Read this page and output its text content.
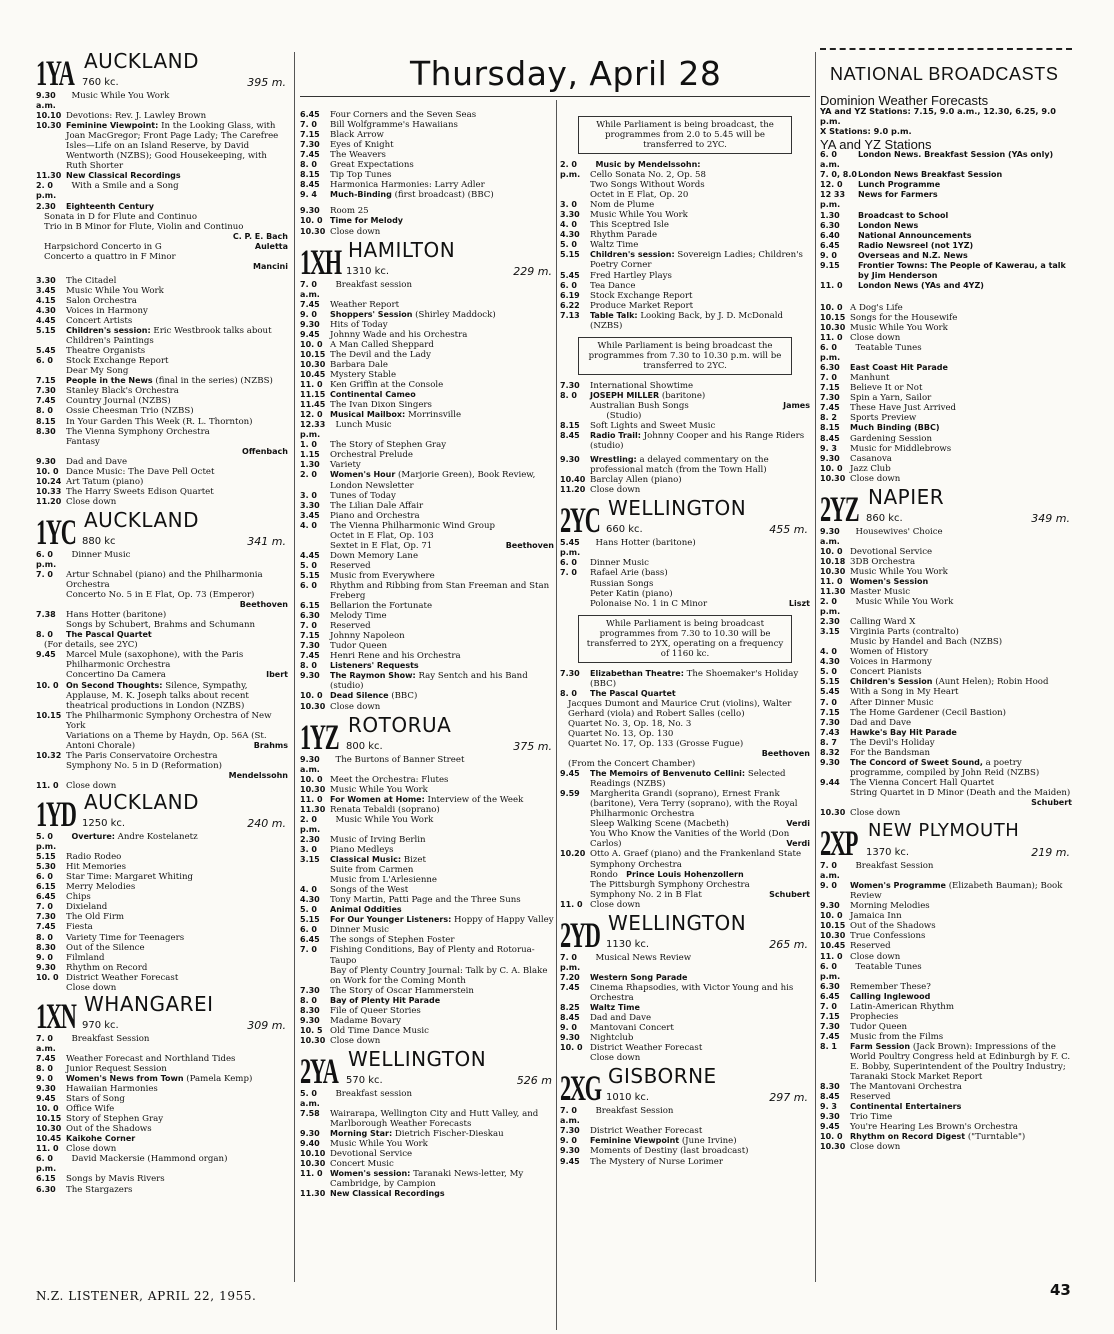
Thursday, April 28	NATIONAL BROADCASTS
1YA AUCKLAND
760 kc.	395 m.
9.30 a.m.
Music While You Work
10.10 Devotions: Rev. J. Lawley Brown
10.30 Feminine Viewpoint: In the Looking Glass, with Joan MacGregor; Front Page Lady; The Carefree Isles—Life on an Island Reserve, by David Wentworth (NZBS); Good Housekeeping, with Ruth Shorter
11.30 New Classical Recordings
2. 0 p.m.
With a Smile and a Song
2.30	Eighteenth Century
Sonata in D for Flute and Continuo
Trio in B Minor for Flute, Violin and Continuo
C. P. E. Bach
Harpsichord Concerto in G	Auletta

Concerto a quattro in F Minor
Mancini
3.30	The Citadel
3.45	Music While You Work
4.15	Salon Orchestra
4.30	Voices in Harmony
4.45	Concert Artists
5.15	Children's session: Eric Westbrook talks about Children's Paintings
5.45	Theatre Organists
6. 0	Stock Exchange Report
Dear My Song
7.15	People in the News (final in the series) (NZBS)
7.30	Stanley Black's Orchestra
7.45	Country Journal (NZBS)
8. 0	Ossie Cheesman Trio (NZBS)
8.15	In Your Garden This Week (R. L. Thornton)
8.30	The Vienna Symphony Orchestra
Fantasy
Offenbach
9.30	Dad and Dave
10. 0 Dance Music: The Dave Pell Octet
10.24 Art Tatum (piano)
10.33 The Harry Sweets Edison Quartet
11.20 Close down
1YC AUCKLAND
880 kc	341 m.
6. 0 p.m.
Dinner Music
7. 0	Artur Schnabel (piano) and the Philharmonia Orchestra
Concerto No. 5 in E Flat, Op. 73 (Emperor)
Beethoven
7.38	Hans Hotter (baritone)
Songs by Schubert, Brahms and Schumann
8. 0	The Pascal Quartet
(For details, see 2YC)
9.45	Marcel Mule (saxophone), with the Paris Philharmonic Orchestra
Concertino Da Camera	Ibert
10. 0 On Second Thoughts: Silence, Sympathy, Applause, M. K. Joseph talks about recent theatrical productions in London (NZBS)
10.15 The Philharmonic Symphony Orchestra of New York
Variations on a Theme by Haydn, Op. 56A (St. Antoni Chorale)	Brahms
10.32 The Paris Conservatoire Orchestra
Symphony No. 5 in D (Reformation)
Mendelssohn
11. 0 Close down
1YD AUCKLAND
1250 kc.	240 m.
5. 0 p.m.
Overture: Andre Kostelanetz
5.15	Radio Rodeo
5.30	Hit Memories
6. 0	Star Time: Margaret Whiting
6.15	Merry Melodies
6.45	Chips
7. 0	Dixieland
7.30	The Old Firm
7.45	Fiesta
8. 0	Variety Time for Teenagers
8.30	Out of the Silence
9. 0	Filmland
9.30	Rhythm on Record
10. 0 District Weather Forecast
Close down
1XN WHANGAREI
970 kc.	309 m.
7. 0 a.m.
Breakfast Session
7.45	Weather Forecast and Northland Tides
8. 0	Junior Request Session
9. 0	Women's News from Town (Pamela Kemp)
9.30	Hawaiian Harmonies
9.45	Stars of Song
10. 0 Office Wife
10.15 Story of Stephen Gray
10.30 Out of the Shadows
10.45 Kaikohe Corner
11. 0 Close down
6. 0 p.m.
David Mackersie (Hammond organ)
6.15	Songs by Mavis Rivers
6.30	The Stargazers
6.45	Four Corners and the Seven Seas
7. 0	Bill Wolfgramme's Hawaiians
7.15	Black Arrow
7.30	Eyes of Knight
7.45	The Weavers
8. 0	Great Expectations
8.15	Tip Top Tunes
8.45	Harmonica Harmonies: Larry Adler
9. 4	Much-Binding (first broadcast) (BBC)
9.30	Room 25
10. 0 Time for Melody
10.30 Close down
1XH HAMILTON
1310 kc.	229 m.
7. 0 a.m.
Breakfast session
7.45	Weather Report
9. 0	Shoppers' Session (Shirley Maddock)
9.30	Hits of Today
9.45	Johnny Wade and his Orchestra
10. 0 A Man Called Sheppard
10.15 The Devil and the Lady
10.30 Barbara Dale
10.45 Mystery Stable
11. 0 Ken Griffin at the Console
11.15 Continental Cameo
11.45 The Ivan Dixon Singers
12. 0 Musical Mailbox: Morrinsville
12.33 p.m.
Lunch Music
1. 0	The Story of Stephen Gray
1.15	Orchestral Prelude
1.30	Variety
2. 0	Women's Hour (Marjorie Green), Book Review, London Newsletter
3. 0	Tunes of Today
3.30	The Lilian Dale Affair
3.45	Piano and Orchestra
4. 0	The Vienna Philharmonic Wind Group
Octet in E Flat, Op. 103
Sextet in E Flat, Op. 71	Beethoven
4.45	Down Memory Lane
5. 0	Reserved
5.15	Music from Everywhere
6. 0	Rhythm and Ribbing from Stan Freeman and Stan Freberg
6.15	Bellarion the Fortunate
6.30	Melody Time
7. 0	Reserved
7.15	Johnny Napoleon
7.30	Tudor Queen
7.45	Henri Rene and his Orchestra
8. 0	Listeners' Requests
9.30	The Raymon Show: Ray Sentch and his Band (studio)
10. 0 Dead Silence (BBC)
10.30 Close down
1YZ ROTORUA
800 kc.	375 m.
9.30 a.m.
The Burtons of Banner Street
10. 0 Meet the Orchestra: Flutes
10.30 Music While You Work
11. 0 For Women at Home: Interview of the Week
11.30 Renata Tebaldi (soprano)
2. 0 p.m.
Music While You Work
2.30	Music of Irving Berlin
3. 0	Piano Medleys
3.15	Classical Music: Bizet
Suite from Carmen
Music from L'Arlesienne
4. 0	Songs of the West
4.30	Tony Martin, Patti Page and the Three Suns
5. 0	Animal Oddities
5.15	For Our Younger Listeners: Hoppy of Happy Valley
6. 0	Dinner Music
6.45	The songs of Stephen Foster
7. 0	Fishing Conditions, Bay of Plenty and Rotorua-Taupo
Bay of Plenty Country Journal: Talk by C. A. Blake on Work for the Coming Month
7.30	The Story of Oscar Hammerstein
8. 0	Bay of Plenty Hit Parade
8.30	File of Queer Stories
9.30	Madame Bovary
10. 5 Old Time Dance Music
10.30 Close down
2YA WELLINGTON
570 kc.	526 m
5. 0 a.m.
Breakfast session
7.58	Wairarapa, Wellington City and Hutt Valley, and Marlborough Weather Forecasts
9.30	Morning Star: Dietrich Fischer-Dieskau
9.40	Music While You Work
10.10 Devotional Service
10.30 Concert Music
11. 0 Women's session: Taranaki News-letter, My Cambridge, by Campion
11.30 New Classical Recordings
While Parliament is being broadcast, the programmes from 2.0 to 5.45 will be transferred to 2YC.
2. 0 p.m.
Music by Mendelssohn:
Cello Sonata No. 2, Op. 58
Two Songs Without Words
Octet in E Flat, Op. 20
3. 0	Nom de Plume
3.30	Music While You Work
4. 0	This Sceptred Isle
4.30	Rhythm Parade
5. 0	Waltz Time
5.15	Children's session: Sovereign Ladies; Children's Poetry Corner
5.45	Fred Hartley Plays
6. 0	Tea Dance
6.19	Stock Exchange Report
6.22	Produce Market Report
7.13	Table Talk: Looking Back, by J. D. McDonald (NZBS)
While Parliament is being broadcast the programmes from 7.30 to 10.30 p.m. will be transferred to 2YC.
7.30	International Showtime
8. 0	JOSEPH MILLER (baritone)
Australian Bush Songs	James

(Studio)
8.15	Soft Lights and Sweet Music
8.45	Radio Trail: Johnny Cooper and his Range Riders (studio)
9.30	Wrestling: a delayed commentary on the professional match (from the Town Hall)
10.40 Barclay Allen (piano)
11.20 Close down
2YC WELLINGTON
660 kc.	455 m.
5.45 p.m.
Hans Hotter (baritone)
6. 0	Dinner Music
7. 0	Rafael Arie (bass)
Russian Songs
Peter Katin (piano)
Polonaise No. 1 in C Minor	Liszt
While Parliament is being broadcast programmes from 7.30 to 10.30 will be transferred to 2YX, operating on a frequency of 1160 kc.
7.30	Elizabethan Theatre: The Shoemaker's Holiday (BBC)
8. 0	The Pascal Quartet
Jacques Dumont and Maurice Crut (violins), Walter Gerhard (viola) and Robert Salles (cello)
Quartet No. 3, Op. 18, No. 3
Quartet No. 13, Op. 130
Quartet No. 17, Op. 133 (Grosse Fugue)
Beethoven
(From the Concert Chamber)
9.45	The Memoirs of Benvenuto Cellini: Selected Readings (NZBS)
9.59	Margherita Grandi (soprano), Ernest Frank (baritone), Vera Terry (soprano), with the Royal Philharmonic Orchestra
Sleep Walking Scene (Macbeth)	Verdi

You Who Know the Vanities of the World (Don Carlos)	Verdi
10.20 Otto A. Graef (piano) and the Frankenland State Symphony Orchestra
Rondo   Prince Louis Hohenzollern
The Pittsburgh Symphony Orchestra
Symphony No. 2 in B Flat	Schubert
11. 0 Close down
2YD WELLINGTON
1130 kc.	265 m.
7. 0 p.m.
Musical News Review
7.20	Western Song Parade
7.45	Cinema Rhapsodies, with Victor Young and his Orchestra
8.25	Waltz Time
8.45	Dad and Dave
9. 0	Mantovani Concert
9.30	Nightclub
10. 0 District Weather Forecast
Close down
2XG GISBORNE
1010 kc.	297 m.
7. 0 a.m.
Breakfast Session
7.30	District Weather Forecast
9. 0	Feminine Viewpoint (June Irvine)
9.30	Moments of Destiny (last broadcast)
9.45	The Mystery of Nurse Lorimer

Dominion Weather Forecasts

YA and YZ Stations: 7.15, 9.0 a.m., 12.30, 6.25, 9.0 p.m.

X Stations: 9.0 p.m.

YA and YZ Stations

6. 0 a.m.
London News. Breakfast Session (YAs only)
7. 0, 8.0 London News Breakfast Session
12. 0	Lunch Programme
12 33 p.m.
News for Farmers
1.30	Broadcast to School
6.30	London News
6.40	National Announcements
6.45	Radio Newsreel (not 1YZ)
9. 0	Overseas and N.Z. News
9.15	Frontier Towns: The People of Kawerau, a talk by Jim Henderson
11. 0	London News (YAs and 4YZ)
10. 0 A Dog's Life
10.15 Songs for the Housewife
10.30 Music While You Work
11. 0 Close down
6. 0 p.m.
Teatable Tunes
6.30	East Coast Hit Parade
7. 0	Manhunt
7.15	Believe It or Not
7.30	Spin a Yarn, Sailor
7.45	These Have Just Arrived
8. 2	Sports Preview
8.15	Much Binding (BBC)
8.45	Gardening Session
9. 3	Music for Middlebrows
9.30	Casanova
10. 0 Jazz Club
10.30 Close down
2YZ NAPIER
860 kc.	349 m.
9.30 a.m.
Housewives' Choice
10. 0 Devotional Service
10.18 3DB Orchestra
10.30 Music While You Work
11. 0 Women's Session
11.30 Master Music
2. 0 p.m.
Music While You Work
2.30	Calling Ward X
3.15	Virginia Parts (contralto)
Music by Handel and Bach (NZBS)
4. 0	Women of History
4.30	Voices in Harmony
5. 0	Concert Pianists
5.15	Children's Session (Aunt Helen); Robin Hood
5.45	With a Song in My Heart
7. 0	After Dinner Music
7.15	The Home Gardener (Cecil Bastion)
7.30	Dad and Dave
7.43	Hawke's Bay Hit Parade
8. 7	The Devil's Holiday
8.32	For the Bandsman
9.30	The Concord of Sweet Sound, a poetry programme, compiled by John Reid (NZBS)
9.44	The Vienna Concert Hall Quartet
String Quartet in D Minor (Death and the Maiden)
Schubert
10.30 Close down
2XP NEW PLYMOUTH
1370 kc.	219 m.
7. 0 a.m.
Breakfast Session
9. 0	Women's Programme (Elizabeth Bauman); Book Review
9.30	Morning Melodies
10. 0 Jamaica Inn
10.15 Out of the Shadows
10.30 True Confessions
10.45 Reserved
11. 0 Close down
6. 0 p.m.
Teatable Tunes
6.30	Remember These?
6.45	Calling Inglewood
7. 0	Latin-American Rhythm
7.15	Prophecies
7.30	Tudor Queen
7.45	Music from the Films
8. 1	Farm Session (Jack Brown): Impressions of the World Poultry Congress held at Edinburgh by F. C. E. Bobby, Superintendent of the Poultry Industry; Taranaki Stock Market Report
8.30	The Mantovani Orchestra
8.45	Reserved
9. 3	Continental Entertainers
9.30	Trio Time
9.45	You're Hearing Les Brown's Orchestra
10. 0 Rhythm on Record Digest ("Turntable")
10.30 Close down
N.Z. LISTENER, APRIL 22, 1955.	43
